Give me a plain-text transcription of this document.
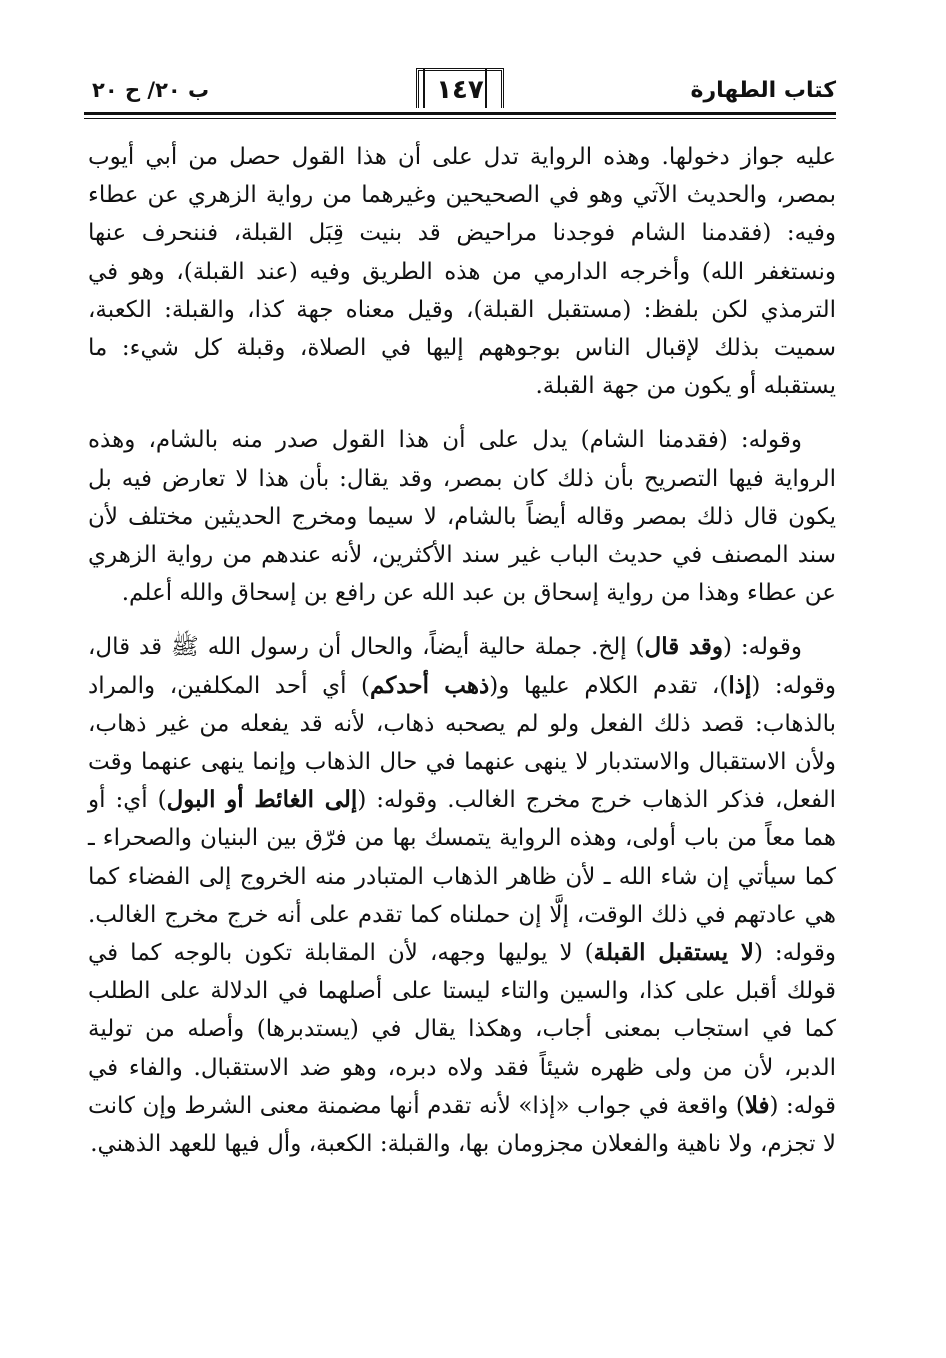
كتاب الطهارة
١٤٧
ب ٢٠/ ح ٢٠

عليه جواز دخولها. وهذه الرواية تدل على أن هذا القول حصل من أبي أيوب بمصر، والحديث الآتي وهو في الصحيحين وغيرهما من رواية الزهري عن عطاء وفيه: (فقدمنا الشام فوجدنا مراحيض قد بنيت قِبَل القبلة، فننحرف عنها ونستغفر الله) وأخرجه الدارمي من هذه الطريق وفيه (عند القبلة)، وهو في الترمذي لكن بلفظ: (مستقبل القبلة)، وقيل معناه جهة كذا، والقبلة: الكعبة، سميت بذلك لإقبال الناس بوجوههم إليها في الصلاة، وقبلة كل شيء: ما يستقبله أو يكون من جهة القبلة.

وقوله: (فقدمنا الشام) يدل على أن هذا القول صدر منه بالشام، وهذه الرواية فيها التصريح بأن ذلك كان بمصر، وقد يقال: بأن هذا لا تعارض فيه بل يكون قال ذلك بمصر وقاله أيضاً بالشام، لا سيما ومخرج الحديثين مختلف لأن سند المصنف في حديث الباب غير سند الأكثرين، لأنه عندهم من رواية الزهري عن عطاء وهذا من رواية إسحاق بن عبد الله عن رافع بن إسحاق والله أعلم.

وقوله: (وقد قال) إلخ. جملة حالية أيضاً، والحال أن رسول الله ﷺ قد قال، وقوله: (إذا)، تقدم الكلام عليها و(ذهب أحدكم) أي أحد المكلفين، والمراد بالذهاب: قصد ذلك الفعل ولو لم يصحبه ذهاب، لأنه قد يفعله من غير ذهاب، ولأن الاستقبال والاستدبار لا ينهى عنهما في حال الذهاب وإنما ينهى عنهما وقت الفعل، فذكر الذهاب خرج مخرج الغالب. وقوله: (إلى الغائط أو البول) أي: أو هما معاً من باب أولى، وهذه الرواية يتمسك بها من فرّق بين البنيان والصحراء ـ كما سيأتي إن شاء الله ـ لأن ظاهر الذهاب المتبادر منه الخروج إلى الفضاء كما هي عادتهم في ذلك الوقت، إلَّا إن حملناه كما تقدم على أنه خرج مخرج الغالب. وقوله: (لا يستقبل القبلة) لا يوليها وجهه، لأن المقابلة تكون بالوجه كما في قولك أقبل على كذا، والسين والتاء ليستا على أصلهما في الدلالة على الطلب كما في استجاب بمعنى أجاب، وهكذا يقال في (يستدبرها) وأصله من تولية الدبر، لأن من ولى ظهره شيئاً فقد ولاه دبره، وهو ضد الاستقبال. والفاء في قوله: (فلا) واقعة في جواب «إذا» لأنه تقدم أنها مضمنة معنى الشرط وإن كانت لا تجزم، ولا ناهية والفعلان مجزومان بها، والقبلة: الكعبة، وأل فيها للعهد الذهني.
